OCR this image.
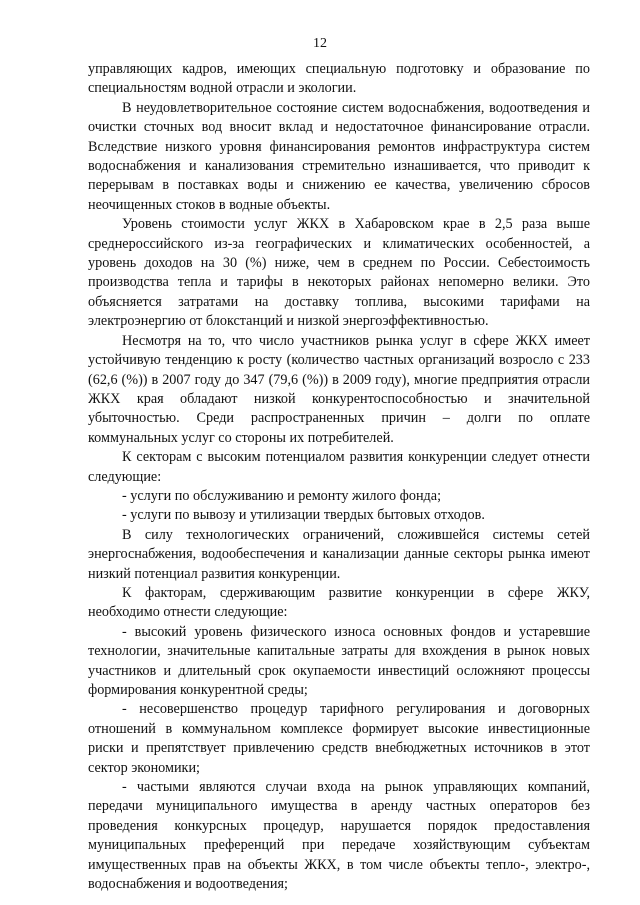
12

управляющих кадров, имеющих специальную подготовку и образование по специальностям водной отрасли и экологии.

В неудовлетворительное состояние систем водоснабжения, водоотведения и очистки сточных вод вносит вклад и недостаточное финансирование отрасли. Вследствие низкого уровня финансирования ремонтов инфраструктура систем водоснабжения и канализования стремительно изнашивается, что приводит к перерывам в поставках воды и снижению ее качества, увеличению сбросов неочищенных стоков в водные объекты.

Уровень стоимости услуг ЖКХ в Хабаровском крае в 2,5 раза выше среднероссийского из-за географических и климатических особенностей, а уровень доходов на 30 (%) ниже, чем в среднем по России. Себестоимость производства тепла и тарифы в некоторых районах непомерно велики. Это объясняется затратами на доставку топлива, высокими тарифами на электроэнергию от блокстанций и низкой энергоэффективностью.

Несмотря на то, что число участников рынка услуг в сфере ЖКХ имеет устойчивую тенденцию к росту (количество частных организаций возросло с 233 (62,6 (%)) в 2007 году до 347 (79,6 (%)) в 2009 году), многие предприятия отрасли ЖКХ края обладают низкой конкурентоспособностью и значительной убыточностью. Среди распространенных причин – долги по оплате коммунальных услуг со стороны их потребителей.

К секторам с высоким потенциалом развития конкуренции следует отнести следующие:

- услуги по обслуживанию и ремонту жилого фонда;

- услуги по вывозу и утилизации твердых бытовых отходов.

В силу технологических ограничений, сложившейся системы сетей энергоснабжения, водообеспечения и канализации данные секторы рынка имеют низкий потенциал развития конкуренции.

К факторам, сдерживающим развитие конкуренции в сфере ЖКУ, необходимо отнести следующие:

- высокий уровень физического износа основных фондов и устаревшие технологии, значительные капитальные затраты для вхождения в рынок новых участников и длительный срок окупаемости инвестиций осложняют процессы формирования конкурентной среды;

- несовершенство процедур тарифного регулирования и договорных отношений в коммунальном комплексе формирует высокие инвестиционные риски и препятствует привлечению средств внебюджетных источников в этот сектор экономики;

- частыми являются случаи входа на рынок управляющих компаний, передачи муниципального имущества в аренду частных операторов без проведения конкурсных процедур, нарушается порядок предоставления муниципальных преференций при передаче хозяйствующим субъектам имущественных прав на объекты ЖКХ, в том числе объекты тепло-, электро-, водоснабжения и водоотведения;
